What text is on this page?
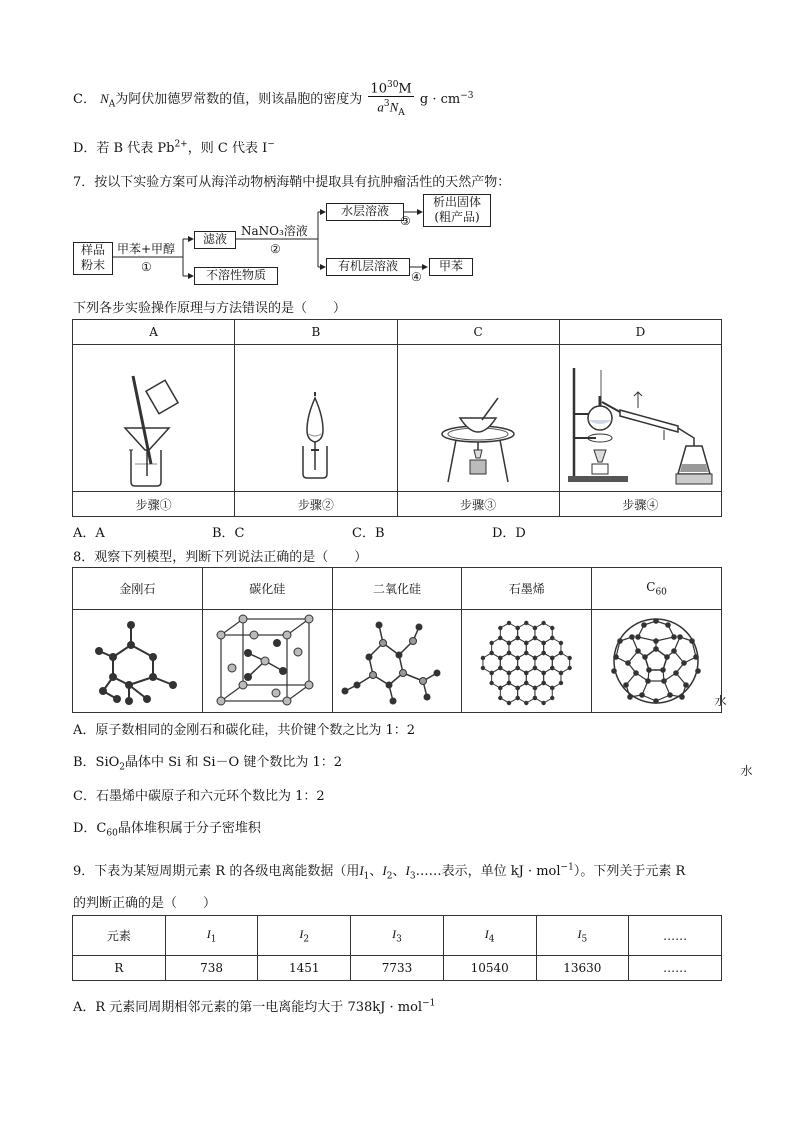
C． $N_A$为阿伏加德罗常数的值，则该晶胞的密度为 $\frac{10^{30}M}{a^3N_A}$ $g \cdot cm^{-3}$
D．若 B 代表 $Pb^{2+}$，则 C 代表 I−
7．按以下实验方案可从海洋动物柄海鞘中提取具有抗肿瘤活性的天然产物：
样品
粉末
甲苯+甲醇
①
滤液
不溶性物质
NaNO₃溶液
②
水层溶液
③
析出固体
(粗产品)
有机层溶液
④
甲苯
下列各步实验操作原理与方法错误的是（　　）
A	B	C	D

水
水

步骤①	步骤②	步骤③	步骤④
A．A	B．C	C．B	D．D
8．观察下列模型，判断下列说法正确的是（　　）
金刚石	碳化硅	二氧化硅	石墨烯	$C_{60}$

A．原子数相同的金刚石和碳化硅，共价键个数之比为 1：2
B．SiO$_2$晶体中 Si 和 Si－O 键个数比为 1：2
C．石墨烯中碳原子和六元环个数比为 1：2
D．$C_{60}$晶体堆积属于分子密堆积
9．下表为某短周期元素 R 的各级电离能数据（用$I_1$、$I_2$、$I_3\dots\dots$表示，单位 kJ · mol$^{-1}$）。下列关于元素 R
的判断正确的是（　　）
元素	$I_1$	$I_2$	$I_3$	$I_4$	$I_5$	……
R	738	1451	7733	10540	13630	……
A．R 元素同周期相邻元素的第一电离能均大于 738kJ · mol$^{-1}$
